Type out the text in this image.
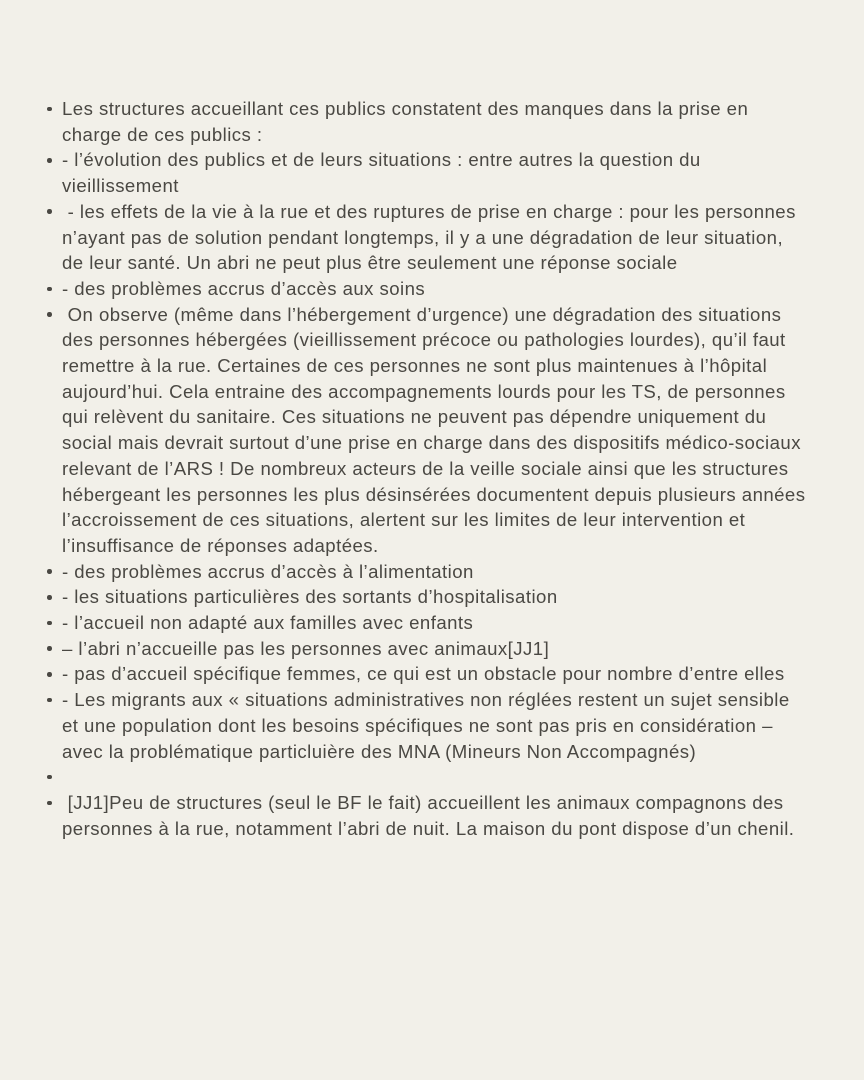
Les structures accueillant ces publics constatent des manques dans la prise en charge de ces publics :
- l’évolution des publics et de leurs situations : entre autres la question du vieillissement
- les effets de la vie à la rue et des ruptures de prise en charge : pour les personnes n’ayant pas de solution pendant longtemps, il y a une dégradation de leur situation, de leur santé. Un abri ne peut plus être seulement une réponse sociale
- des problèmes accrus d’accès aux soins
On observe (même dans l’hébergement d’urgence) une dégradation des situations des personnes hébergées (vieillissement précoce ou pathologies lourdes), qu’il faut remettre à la rue. Certaines de ces personnes ne sont plus maintenues à l’hôpital aujourd’hui. Cela entraine des accompagnements lourds pour les TS, de personnes qui relèvent du sanitaire. Ces situations ne peuvent pas dépendre uniquement du social mais devrait surtout d’une prise en charge dans des dispositifs médico-sociaux relevant de l’ARS ! De nombreux acteurs de la veille sociale ainsi que les structures hébergeant les personnes les plus désinsérées documentent depuis plusieurs années l’accroissement de ces situations, alertent sur les limites de leur intervention et l’insuffisance de réponses adaptées.
- des problèmes accrus d’accès à l’alimentation
- les situations particulières des sortants d’hospitalisation
- l’accueil non adapté aux familles avec enfants
– l’abri n’accueille pas les personnes avec animaux[JJ1]
- pas d’accueil spécifique femmes, ce qui est un obstacle pour nombre d’entre elles
- Les migrants aux « situations administratives non réglées restent un sujet sensible et une population dont les besoins spécifiques ne sont pas pris en considération – avec la problématique particluière des MNA (Mineurs Non Accompagnés)
[JJ1]Peu de structures (seul le BF le fait) accueillent les animaux compagnons des personnes à la rue, notamment l’abri de nuit. La maison du pont dispose d’un chenil.
